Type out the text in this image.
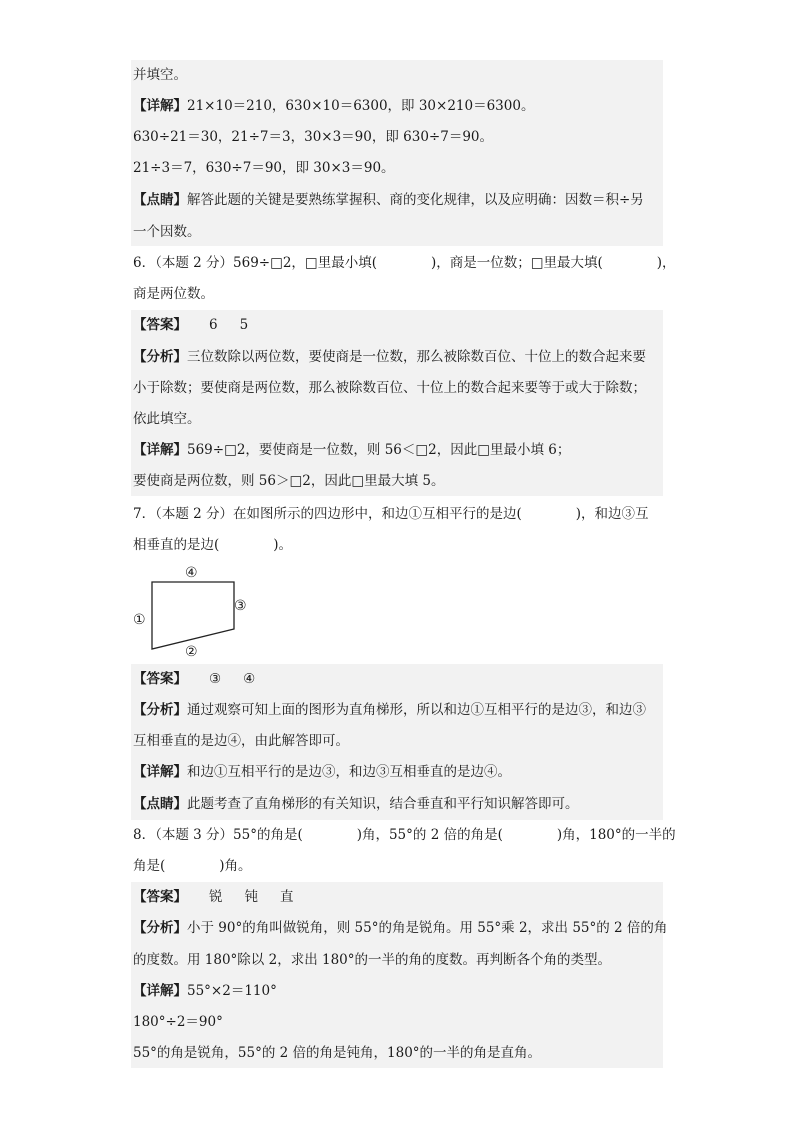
并填空。
【详解】21×10＝210，630×10＝6300，即 30×210＝6300。
630÷21＝30，21÷7＝3，30×3＝90，即 630÷7＝90。
21÷3＝7，630÷7＝90，即 30×3＝90。
【点睛】解答此题的关键是要熟练掌握积、商的变化规律，以及应明确：因数＝积÷另
一个因数。
6．（本题 2 分）569÷□2，□里最小填(　　　　)，商是一位数；□里最大填(　　　　)，
商是两位数。
【答案】 6 5
【分析】三位数除以两位数，要使商是一位数，那么被除数百位、十位上的数合起来要
小于除数；要使商是两位数，那么被除数百位、十位上的数合起来要等于或大于除数；
依此填空。
【详解】569÷□2，要使商是一位数，则 56＜□2，因此□里最小填 6；
要使商是两位数，则 56＞□2，因此□里最大填 5。
7．（本题 2 分）在如图所示的四边形中，和边①互相平行的是边(　　　　)，和边③互
相垂直的是边(　　　　)。
④
①
③
②
【答案】 ③ ④
【分析】通过观察可知上面的图形为直角梯形，所以和边①互相平行的是边③，和边③
互相垂直的是边④，由此解答即可。
【详解】和边①互相平行的是边③，和边③互相垂直的是边④。
【点睛】此题考查了直角梯形的有关知识，结合垂直和平行知识解答即可。
8．（本题 3 分）55°的角是(　　　　)角，55°的 2 倍的角是(　　　　)角，180°的一半的
角是(　　　　)角。
【答案】 锐 钝 直
【分析】小于 90°的角叫做锐角，则 55°的角是锐角。用 55°乘 2，求出 55°的 2 倍的角
的度数。用 180°除以 2，求出 180°的一半的角的度数。再判断各个角的类型。
【详解】55°×2＝110°
180°÷2＝90°
55°的角是锐角，55°的 2 倍的角是钝角，180°的一半的角是直角。
